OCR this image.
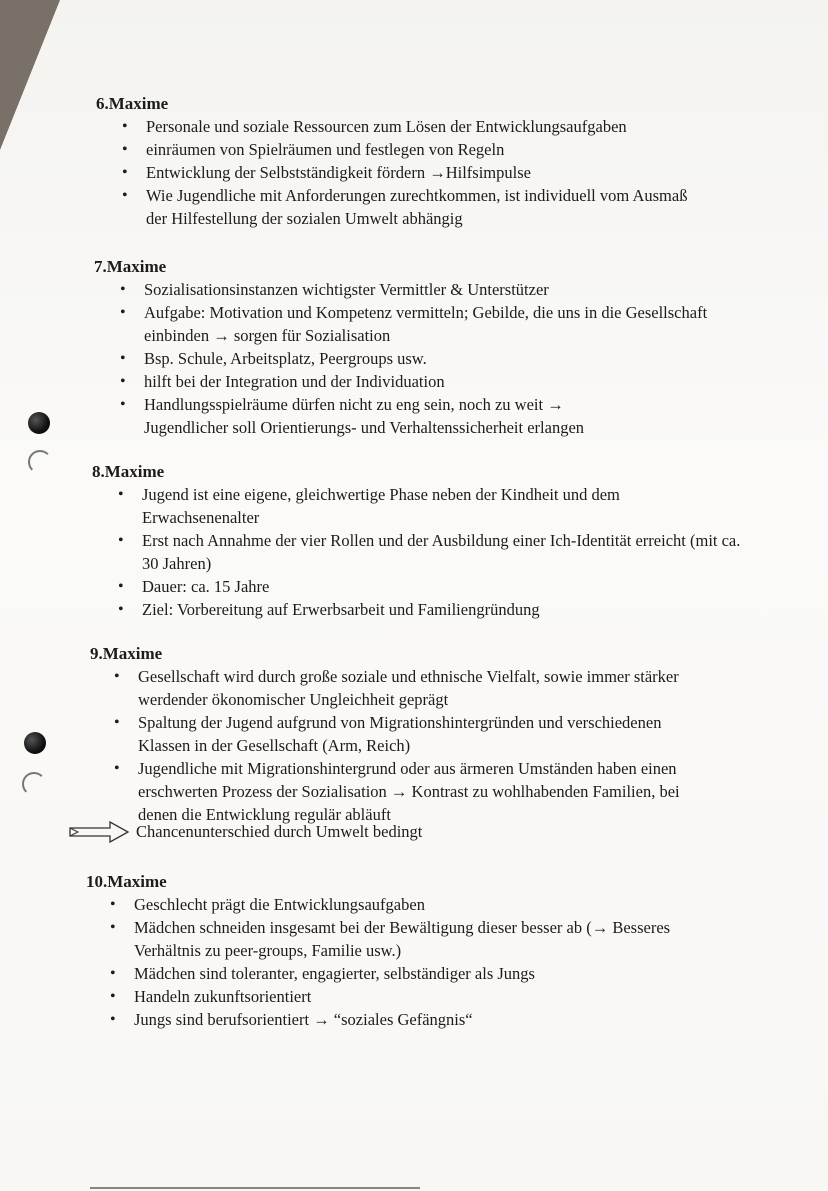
6.Maxime
• Personale und soziale Ressourcen zum Lösen der Entwicklungsaufgaben
• einräumen von Spielräumen und festlegen von Regeln
• Entwicklung der Selbstständigkeit fördern →Hilfsimpulse
• Wie Jugendliche mit Anforderungen zurechtkommen, ist individuell vom Ausmaß der Hilfestellung der sozialen Umwelt abhängig
7.Maxime
• Sozialisationsinstanzen wichtigster Vermittler & Unterstützer
• Aufgabe: Motivation und Kompetenz vermitteln; Gebilde, die uns in die Gesellschaft einbinden → sorgen für Sozialisation
• Bsp. Schule, Arbeitsplatz, Peergroups usw.
• hilft bei der Integration und der Individuation
• Handlungsspielräume dürfen nicht zu eng sein, noch zu weit → Jugendlicher soll Orientierungs- und Verhaltenssicherheit erlangen
8.Maxime
• Jugend ist eine eigene, gleichwertige Phase neben der Kindheit und dem Erwachsenenalter
• Erst nach Annahme der vier Rollen und der Ausbildung einer Ich-Identität erreicht (mit ca. 30 Jahren)
• Dauer: ca. 15 Jahre
• Ziel: Vorbereitung auf Erwerbsarbeit und Familiengründung
9.Maxime
• Gesellschaft wird durch große soziale und ethnische Vielfalt, sowie immer stärker werdender ökonomischer Ungleichheit geprägt
• Spaltung der Jugend aufgrund von Migrationshintergründen und verschiedenen Klassen in der Gesellschaft (Arm, Reich)
• Jugendliche mit Migrationshintergrund oder aus ärmeren Umständen haben einen erschwerten Prozess der Sozialisation → Kontrast zu wohlhabenden Familien, bei denen die Entwicklung regulär abläuft
Chancenunterschied durch Umwelt bedingt
10.Maxime
• Geschlecht prägt die Entwicklungsaufgaben
• Mädchen schneiden insgesamt bei der Bewältigung dieser besser ab (→ Besseres Verhältnis zu peer-groups, Familie usw.)
• Mädchen sind toleranter, engagierter, selbständiger als Jungs
• Handeln zukunftsorientiert
• Jungs sind berufsorientiert → “soziales Gefängnis“
